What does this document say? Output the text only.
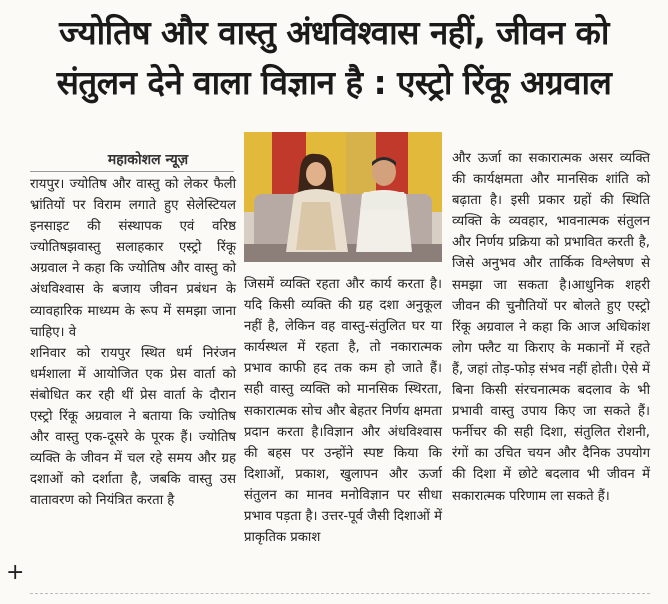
ज्योतिष और वास्तु अंधविश्वास नहीं, जीवन को
संतुलन देने वाला विज्ञान है : एस्ट्रो रिंकू अग्रवाल
महाकोशल न्यूज़

रायपुर। ज्योतिष और वास्तु को लेकर फैली भ्रांतियों पर विराम लगाते हुए सेलेस्टियल इनसाइट की संस्थापक एवं वरिष्ठ ज्योतिषझवास्तु सलाहकार एस्ट्रो रिंकू अग्रवाल ने कहा कि ज्योतिष और वास्तु को अंधविश्वास के बजाय जीवन प्रबंधन के व्यावहारिक माध्यम के रूप में समझा जाना चाहिए। वे

शनिवार को रायपुर स्थित धर्म निरंजन धर्मशाला में आयोजित एक प्रेस वार्ता को संबोधित कर रही थीं प्रेस वार्ता के दौरान एस्ट्रो रिंकू अग्रवाल ने बताया कि ज्योतिष और वास्तु एक-दूसरे के पूरक हैं। ज्योतिष व्यक्ति के जीवन में चल रहे समय और ग्रह दशाओं को दर्शाता है, जबकि वास्तु उस वातावरण को नियंत्रित करता है

जिसमें व्यक्ति रहता और कार्य करता है। यदि किसी व्यक्ति की ग्रह दशा अनुकूल नहीं है, लेकिन वह वास्तु-संतुलित घर या कार्यस्थल में रहता है, तो नकारात्मक प्रभाव काफी हद तक कम हो जाते हैं। सही वास्तु व्यक्ति को मानसिक स्थिरता, सकारात्मक सोच और बेहतर निर्णय क्षमता प्रदान करता है।विज्ञान और अंधविश्वास की बहस पर उन्होंने स्पष्ट किया कि दिशाओं, प्रकाश, खुलापन और ऊर्जा संतुलन का मानव मनोविज्ञान पर सीधा प्रभाव पड़ता है। उत्तर-पूर्व जैसी दिशाओं में प्राकृतिक प्रकाश

और ऊर्जा का सकारात्मक असर व्यक्ति की कार्यक्षमता और मानसिक शांति को बढ़ाता है। इसी प्रकार ग्रहों की स्थिति व्यक्ति के व्यवहार, भावनात्मक संतुलन और निर्णय प्रक्रिया को प्रभावित करती है, जिसे अनुभव और तार्किक विश्लेषण से समझा जा सकता है।आधुनिक शहरी जीवन की चुनौतियों पर बोलते हुए एस्ट्रो रिंकू अग्रवाल ने कहा कि आज अधिकांश लोग फ्लैट या किराए के मकानों में रहते हैं, जहां तोड़-फोड़ संभव नहीं होती। ऐसे में बिना किसी संरचनात्मक बदलाव के भी प्रभावी वास्तु उपाय किए जा सकते हैं। फर्नीचर की सही दिशा, संतुलित रोशनी, रंगों का उचित चयन और दैनिक उपयोग की दिशा में छोटे बदलाव भी जीवन में सकारात्मक परिणाम ला सकते हैं।

+
